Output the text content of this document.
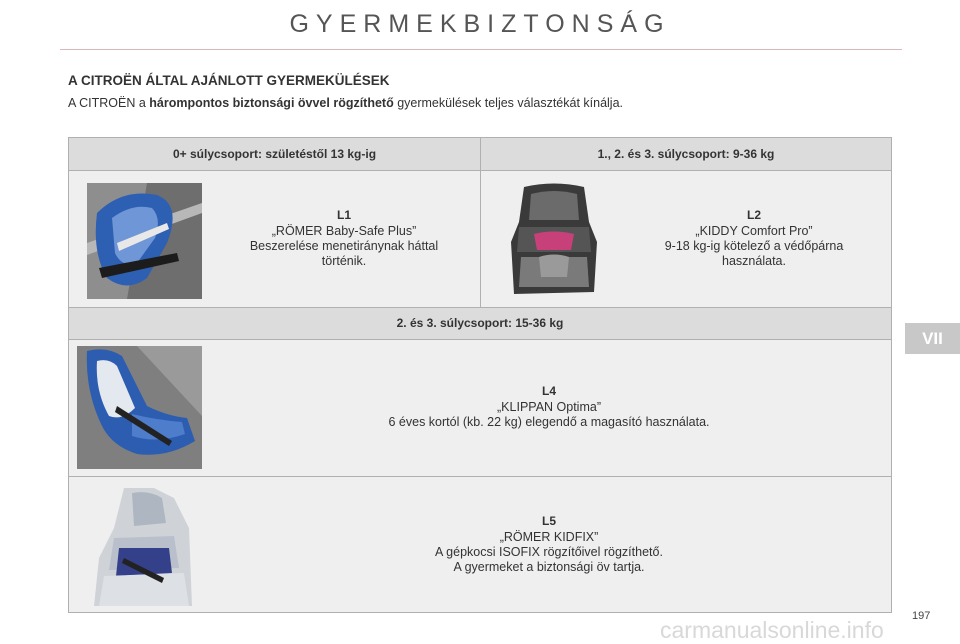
GYERMEKBIZTONSÁG
A CITROËN ÁLTAL AJÁNLOTT GYERMEKÜLÉSEK
A CITROËN a hárompontos biztonsági övvel rögzíthető gyermekülések teljes választékát kínálja.
0+ súlycsoport: születéstől 13 kg-ig	1., 2. és 3. súlycsoport: 9-36 kg
L1
„RÖMER Baby-Safe Plus”
Beszerelése menetiránynak háttal
történik.
L2
„KIDDY Comfort Pro”
9-18 kg-ig kötelező a védőpárna
használata.
2. és 3. súlycsoport: 15-36 kg
L4
„KLIPPAN Optima”
6 éves kortól (kb. 22 kg) elegendő a magasító használata.
L5
„RÖMER KIDFIX”
A gépkocsi ISOFIX rögzítőivel rögzíthető.
A gyermeket a biztonsági öv tartja.
VII
197
carmanualsonline.info
